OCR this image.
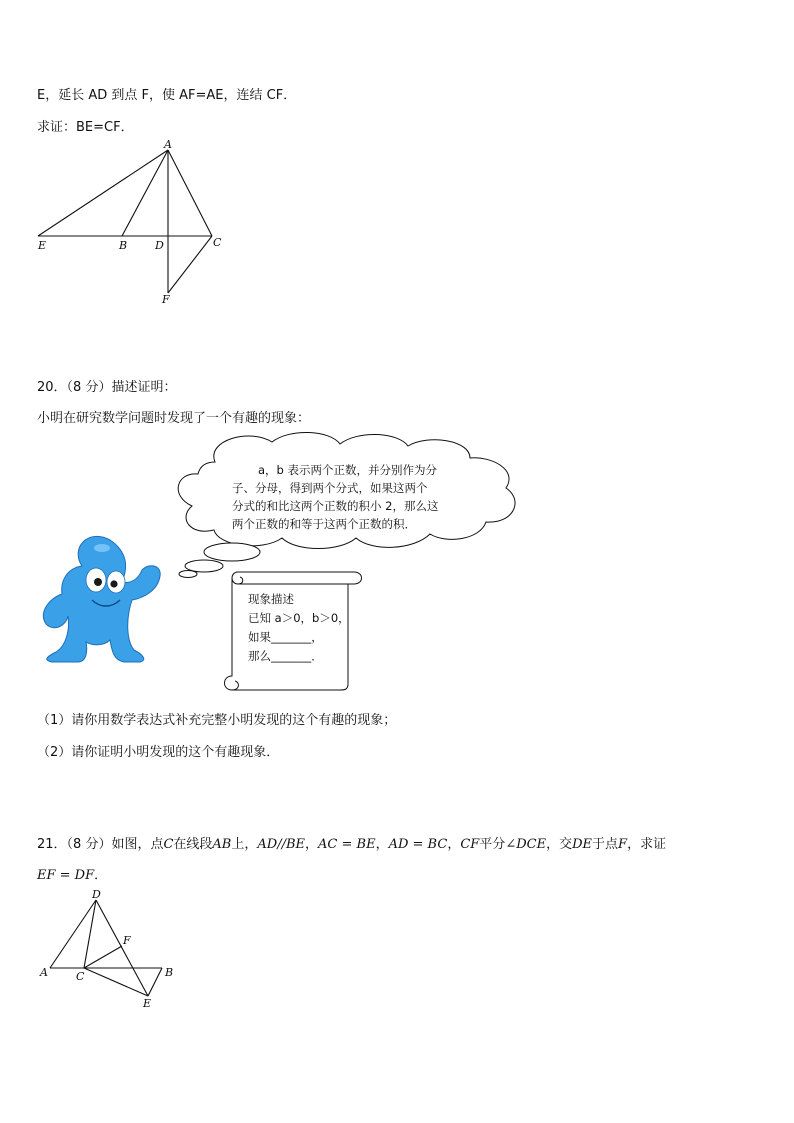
E，延长 AD 到点 F，使 AF=AE，连结 CF．
求证：BE=CF．
A
E	B	D	C
F
20．（8 分）描述证明：
小明在研究数学问题时发现了一个有趣的现象：
a，b 表示两个正数，并分别作为分
子、分母，得到两个分式，如果这两个
分式的和比这两个正数的积小 2，那么这
两个正数的和等于这两个正数的积．
现象描述
已知 a＞0，b＞0，
如果_______，
那么_______．
（1）请你用数学表达式补充完整小明发现的这个有趣的现象；
（2）请你证明小明发现的这个有趣现象．
21．（8 分）如图，点C在线段AB上，AD//BE，AC = BE，AD = BC，CF平分∠DCE，交DE于点F，求证
EF = DF．
D
F
A	C	B
E
